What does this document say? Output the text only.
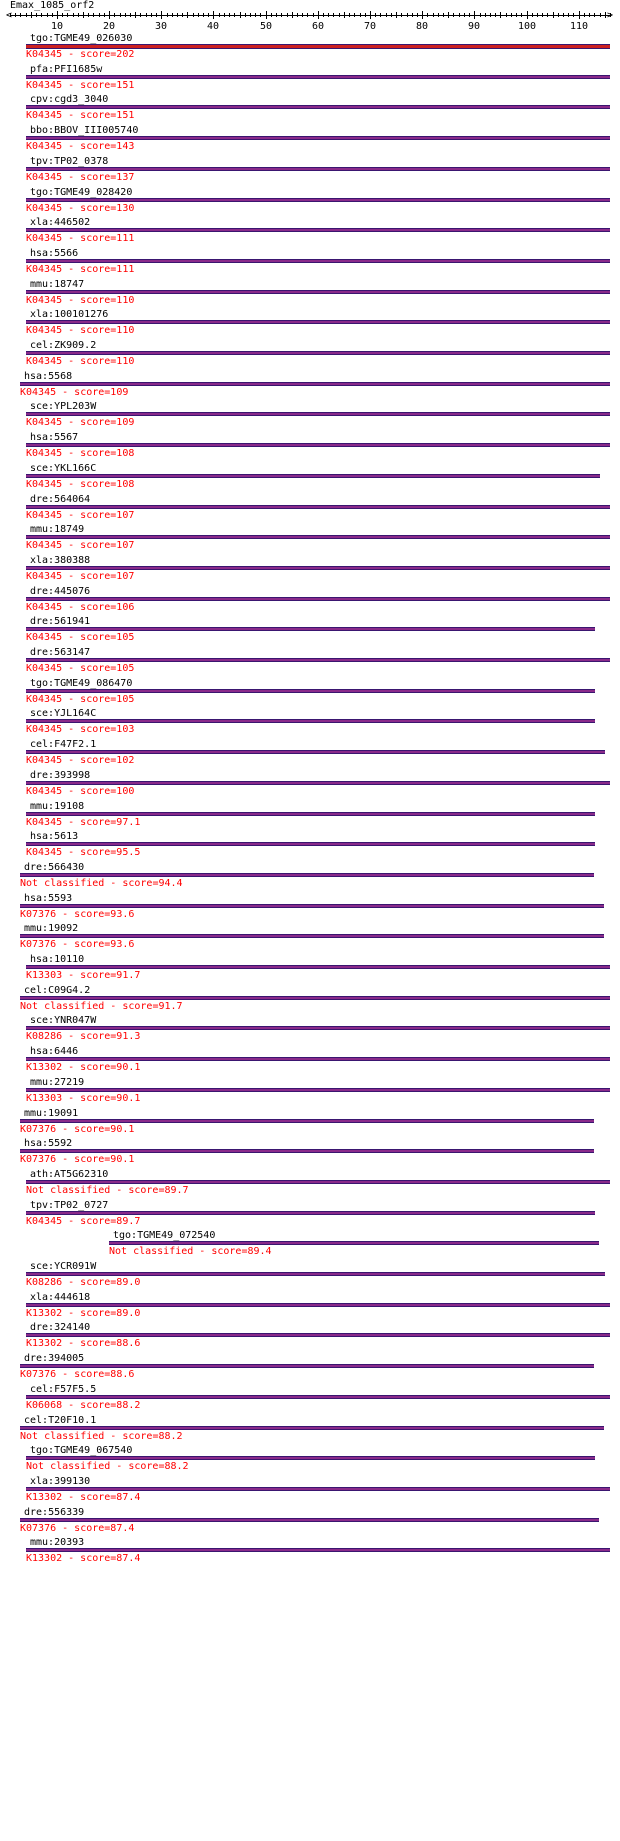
Emax_1085_orf2
10	20	30	40	50	60	70	80	90	100	110
<	>
tgo:TGME49_026030
K04345 - score=202
pfa:PFI1685w
K04345 - score=151
cpv:cgd3_3040
K04345 - score=151
bbo:BBOV_III005740
K04345 - score=143
tpv:TP02_0378
K04345 - score=137
tgo:TGME49_028420
K04345 - score=130
xla:446502
K04345 - score=111
hsa:5566
K04345 - score=111
mmu:18747
K04345 - score=110
xla:100101276
K04345 - score=110
cel:ZK909.2
K04345 - score=110
hsa:5568
K04345 - score=109
sce:YPL203W
K04345 - score=109
hsa:5567
K04345 - score=108
sce:YKL166C
K04345 - score=108
dre:564064
K04345 - score=107
mmu:18749
K04345 - score=107
xla:380388
K04345 - score=107
dre:445076
K04345 - score=106
dre:561941
K04345 - score=105
dre:563147
K04345 - score=105
tgo:TGME49_086470
K04345 - score=105
sce:YJL164C
K04345 - score=103
cel:F47F2.1
K04345 - score=102
dre:393998
K04345 - score=100
mmu:19108
K04345 - score=97.1
hsa:5613
K04345 - score=95.5
dre:566430
Not classified - score=94.4
hsa:5593
K07376 - score=93.6
mmu:19092
K07376 - score=93.6
hsa:10110
K13303 - score=91.7
cel:C09G4.2
Not classified - score=91.7
sce:YNR047W
K08286 - score=91.3
hsa:6446
K13302 - score=90.1
mmu:27219
K13303 - score=90.1
mmu:19091
K07376 - score=90.1
hsa:5592
K07376 - score=90.1
ath:AT5G62310
Not classified - score=89.7
tpv:TP02_0727
K04345 - score=89.7
tgo:TGME49_072540
Not classified - score=89.4
sce:YCR091W
K08286 - score=89.0
xla:444618
K13302 - score=89.0
dre:324140
K13302 - score=88.6
dre:394005
K07376 - score=88.6
cel:F57F5.5
K06068 - score=88.2
cel:T20F10.1
Not classified - score=88.2
tgo:TGME49_067540
Not classified - score=88.2
xla:399130
K13302 - score=87.4
dre:556339
K07376 - score=87.4
mmu:20393
K13302 - score=87.4
